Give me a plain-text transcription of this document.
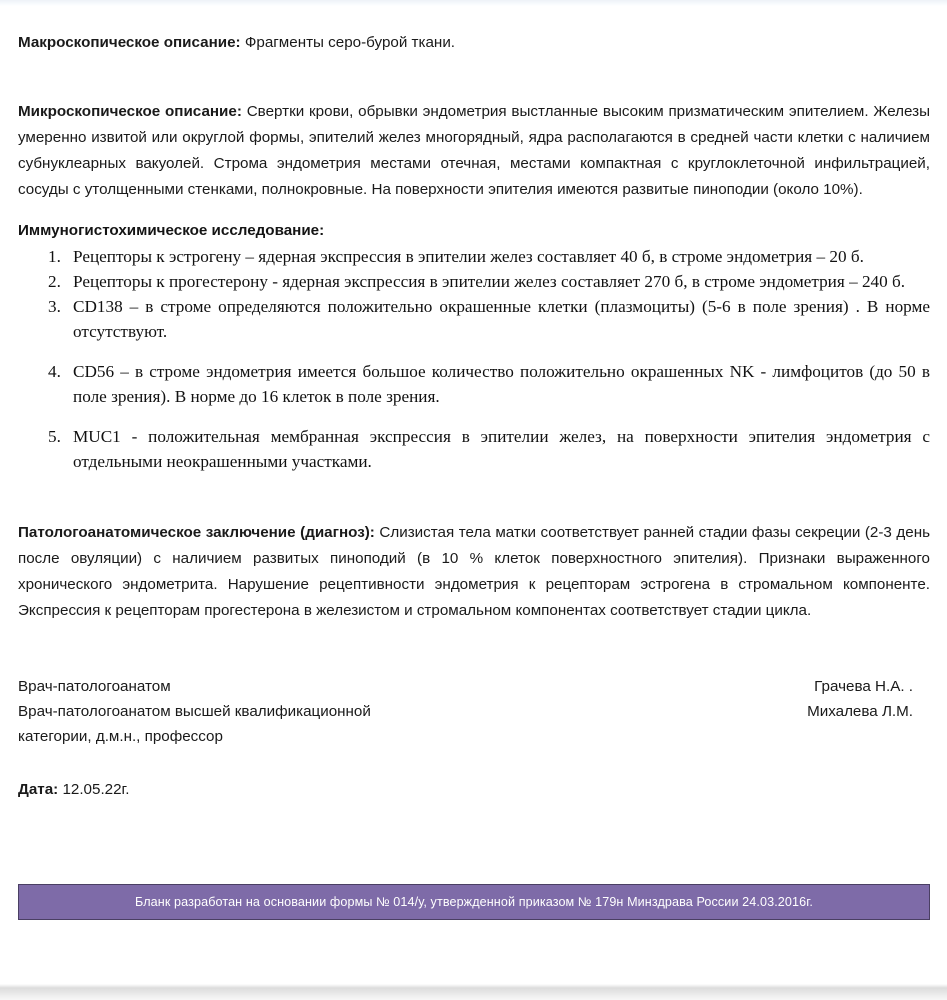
Макроскопическое описание: Фрагменты серо-бурой ткани.

Микроскопическое описание: Свертки крови, обрывки эндометрия выстланные высоким призматическим эпителием. Железы умеренно извитой или округлой формы, эпителий желез многорядный, ядра располагаются в средней части клетки с наличием субнуклеарных вакуолей. Строма эндометрия местами отечная, местами компактная с круглоклеточной инфильтрацией, сосуды с утолщенными стенками, полнокровные. На поверхности эпителия имеются развитые пиноподии (около 10%).

Иммуногистохимическое исследование:
Рецепторы к эстрогену – ядерная экспрессия в эпителии желез составляет 40 б, в строме эндометрия – 20 б.
Рецепторы к прогестерону - ядерная экспрессия в эпителии желез составляет 270 б, в строме эндометрия – 240 б.
CD138 – в строме определяются положительно окрашенные клетки (плазмоциты) (5-6 в поле зрения) . В норме отсутствуют.
CD56 – в строме эндометрия имеется большое количество положительно окрашенных NK - лимфоцитов (до 50 в поле зрения). В норме до 16 клеток в поле зрения.
MUC1 - положительная мембранная экспрессия в эпителии желез, на поверхности эпителия эндометрия с отдельными неокрашенными участками.

Патологоанатомическое заключение (диагноз): Слизистая тела матки соответствует ранней стадии фазы секреции (2-3 день после овуляции) с наличием развитых пиноподий (в 10 % клеток поверхностного эпителия). Признаки выраженного хронического эндометрита. Нарушение рецептивности эндометрия к рецепторам эстрогена в стромальном компоненте. Экспрессия к рецепторам прогестерона в железистом и стромальном компонентах соответствует стадии цикла.

Врач-патологоанатом	Грачева Н.А. .
Врач-патологоанатом высшей квалификационной
категории, д.м.н., профессор
Михалева Л.М.
Дата: 12.05.22г.
Бланк разработан на основании формы № 014/у, утвержденной приказом № 179н Минздрава России 24.03.2016г.
